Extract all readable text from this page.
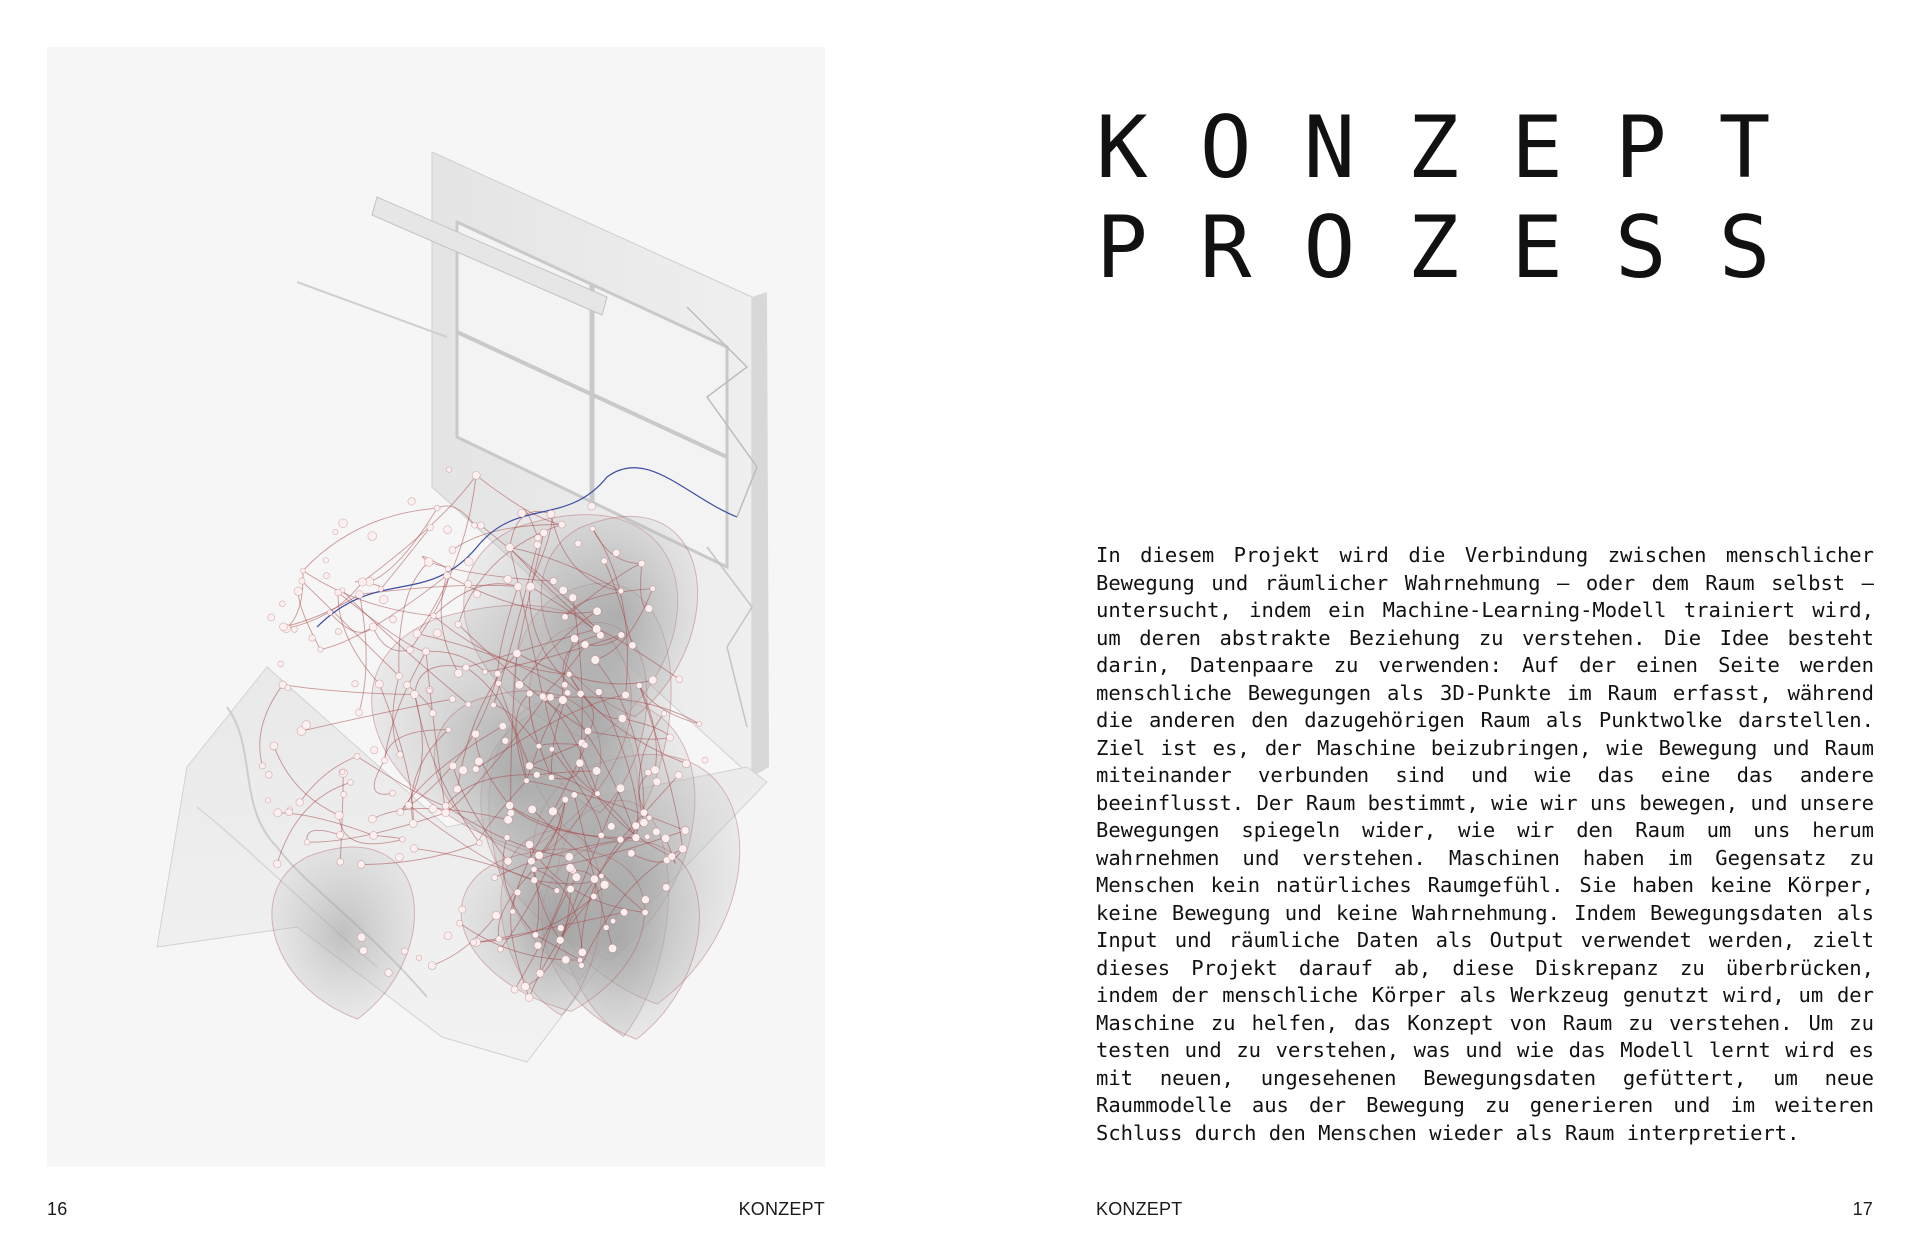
16	KONZEPT
KONZEPT
PROZESS

In diesem Projekt wird die Verbindung zwischen menschlicher Bewegung und räumlicher Wahrnehmung – oder dem Raum selbst – untersucht, indem ein Machine-Learning-Modell trainiert wird, um deren abstrakte Beziehung zu verstehen. Die Idee besteht darin, Datenpaare zu verwenden: Auf der einen Seite werden menschliche Bewegungen als 3D-Punkte im Raum erfasst, während die anderen den dazugehörigen Raum als Punktwolke darstellen. Ziel ist es, der Maschine beizubringen, wie Bewegung und Raum miteinander verbunden sind und wie das eine das andere beeinflusst. Der Raum bestimmt, wie wir uns bewegen, und unsere Bewegungen spiegeln wider, wie wir den Raum um uns herum wahrnehmen und verstehen. Maschinen haben im Gegensatz zu Menschen kein natürliches Raumgefühl. Sie haben keine Körper, keine Bewegung und keine Wahrnehmung. Indem Bewegungsdaten als Input und räumliche Daten als Output verwendet werden, zielt dieses Projekt darauf ab, diese Diskrepanz zu überbrücken, indem der menschliche Körper als Werkzeug genutzt wird, um der Maschine zu helfen, das Konzept von Raum zu verstehen. Um zu testen und zu verstehen, was und wie das Modell lernt wird es mit neuen, ungesehenen Bewegungsdaten gefüttert, um neue Raummodelle aus der Bewegung zu generieren und im weiteren Schluss durch den Menschen wieder als Raum interpretiert.

KONZEPT	17
